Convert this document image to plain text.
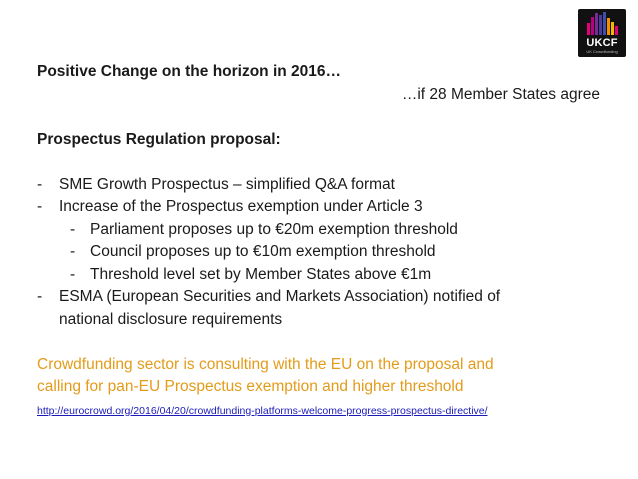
UKCF
UK Crowdfunding
Positive Change on the horizon in 2016…
…if 28 Member States agree
Prospectus Regulation proposal:
- SME Growth Prospectus – simplified Q&A format
- Increase of the Prospectus exemption under Article 3
- Parliament proposes up to €20m exemption threshold
- Council proposes up to €10m exemption threshold
- Threshold level set by Member States above €1m
- ESMA (European Securities and Markets Association) notified of
national disclosure requirements
Crowdfunding sector is consulting with the EU on the proposal and
calling for pan-EU Prospectus exemption and higher threshold
http://eurocrowd.org/2016/04/20/crowdfunding-platforms-welcome-progress-prospectus-directive/
